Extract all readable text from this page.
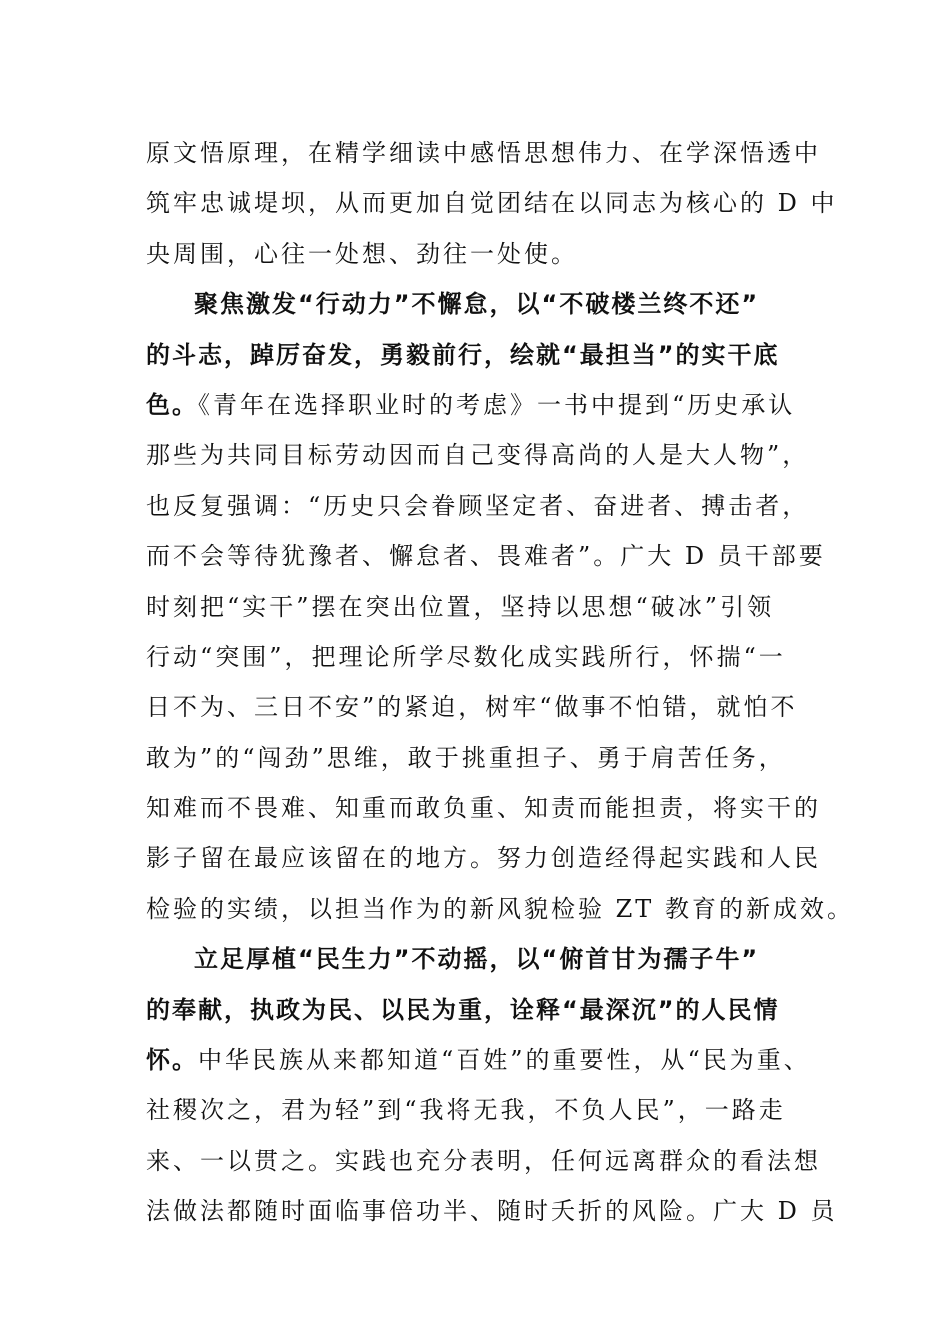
原文悟原理，在精学细读中感悟思想伟力、在学深悟透中
筑牢忠诚堤坝，从而更加自觉团结在以同志为核心的 D 中
央周围，心往一处想、劲往一处使。
聚焦激发“行动力”不懈怠，以“不破楼兰终不还”
的斗志，踔厉奋发，勇毅前行，绘就“最担当”的实干底
色。《青年在选择职业时的考虑》一书中提到“历史承认
那些为共同目标劳动因而自己变得高尚的人是大人物”，
也反复强调：“历史只会眷顾坚定者、奋进者、搏击者，
而不会等待犹豫者、懈怠者、畏难者”。广大 D 员干部要
时刻把“实干”摆在突出位置，坚持以思想“破冰”引领
行动“突围”，把理论所学尽数化成实践所行，怀揣“一
日不为、三日不安”的紧迫，树牢“做事不怕错，就怕不
敢为”的“闯劲”思维，敢于挑重担子、勇于肩苦任务，
知难而不畏难、知重而敢负重、知责而能担责，将实干的
影子留在最应该留在的地方。努力创造经得起实践和人民
检验的实绩，以担当作为的新风貌检验 ZT 教育的新成效。
立足厚植“民生力”不动摇，以“俯首甘为孺子牛”
的奉献，执政为民、以民为重，诠释“最深沉”的人民情
怀。中华民族从来都知道“百姓”的重要性，从“民为重、
社稷次之，君为轻”到“我将无我，不负人民”，一路走
来、一以贯之。实践也充分表明，任何远离群众的看法想
法做法都随时面临事倍功半、随时夭折的风险。广大 D 员
